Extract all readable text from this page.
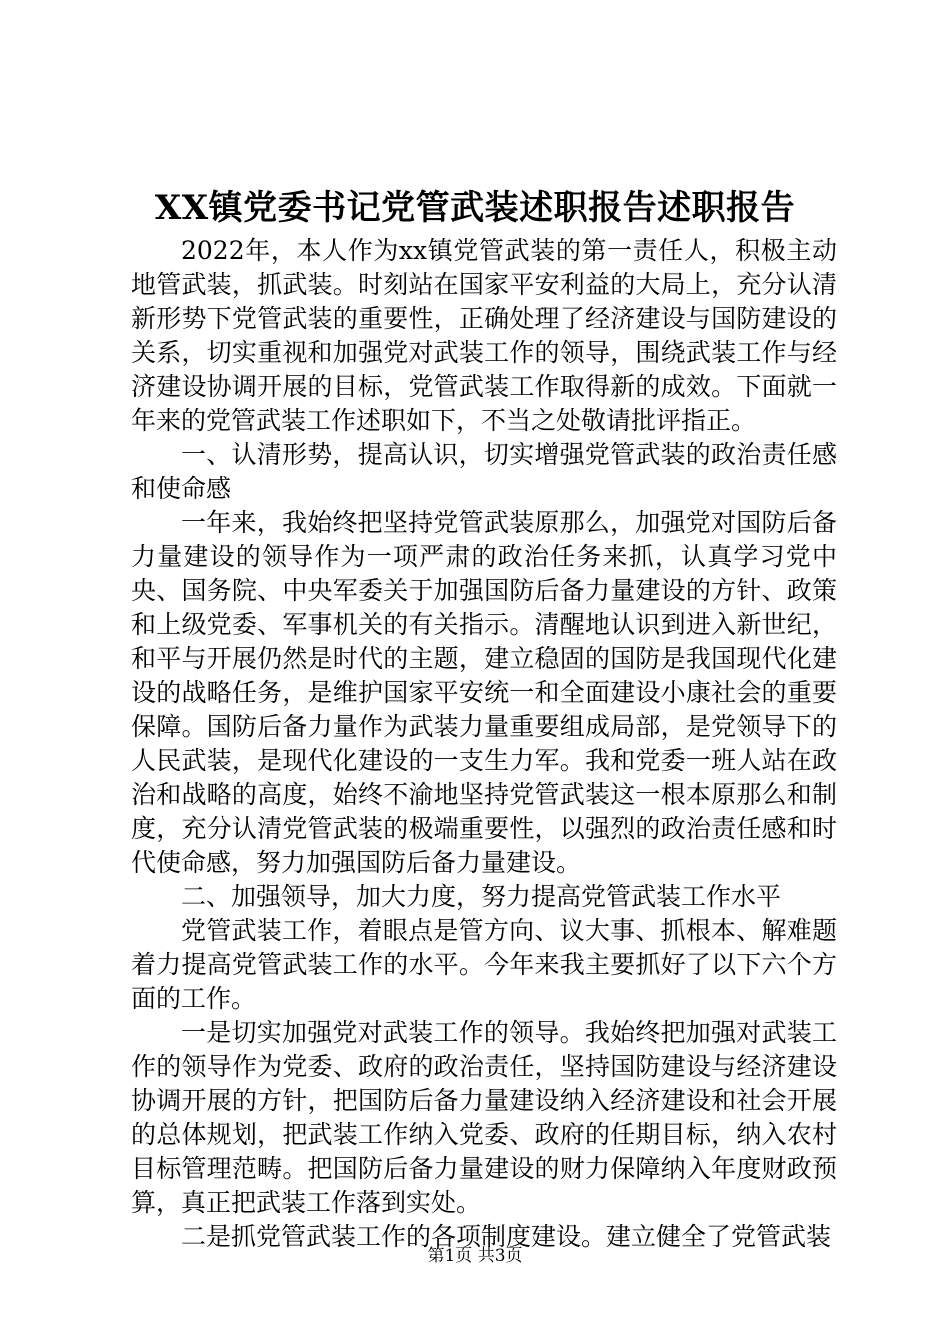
XX镇党委书记党管武装述职报告述职报告

2022年，本人作为xx镇党管武装的第一责任人，积极主动地管武装，抓武装。时刻站在国家平安利益的大局上，充分认清新形势下党管武装的重要性，正确处理了经济建设与国防建设的关系，切实重视和加强党对武装工作的领导，围绕武装工作与经济建设协调开展的目标，党管武装工作取得新的成效。下面就一年来的党管武装工作述职如下，不当之处敬请批评指正。

一、认清形势，提高认识，切实增强党管武装的政治责任感和使命感

一年来，我始终把坚持党管武装原那么，加强党对国防后备力量建设的领导作为一项严肃的政治任务来抓，认真学习党中央、国务院、中央军委关于加强国防后备力量建设的方针、政策和上级党委、军事机关的有关指示。清醒地认识到进入新世纪，和平与开展仍然是时代的主题，建立稳固的国防是我国现代化建设的战略任务，是维护国家平安统一和全面建设小康社会的重要保障。国防后备力量作为武装力量重要组成局部，是党领导下的人民武装，是现代化建设的一支生力军。我和党委一班人站在政治和战略的高度，始终不渝地坚持党管武装这一根本原那么和制度，充分认清党管武装的极端重要性，以强烈的政治责任感和时代使命感，努力加强国防后备力量建设。

二、加强领导，加大力度，努力提高党管武装工作水平

党管武装工作，着眼点是管方向、议大事、抓根本、解难题着力提高党管武装工作的水平。今年来我主要抓好了以下六个方面的工作。

一是切实加强党对武装工作的领导。我始终把加强对武装工作的领导作为党委、政府的政治责任，坚持国防建设与经济建设协调开展的方针，把国防后备力量建设纳入经济建设和社会开展的总体规划，把武装工作纳入党委、政府的任期目标，纳入农村目标管理范畴。把国防后备力量建设的财力保障纳入年度财政预算，真正把武装工作落到实处。

二是抓党管武装工作的各项制度建设。建立健全了党管武装

第1页 共3页
